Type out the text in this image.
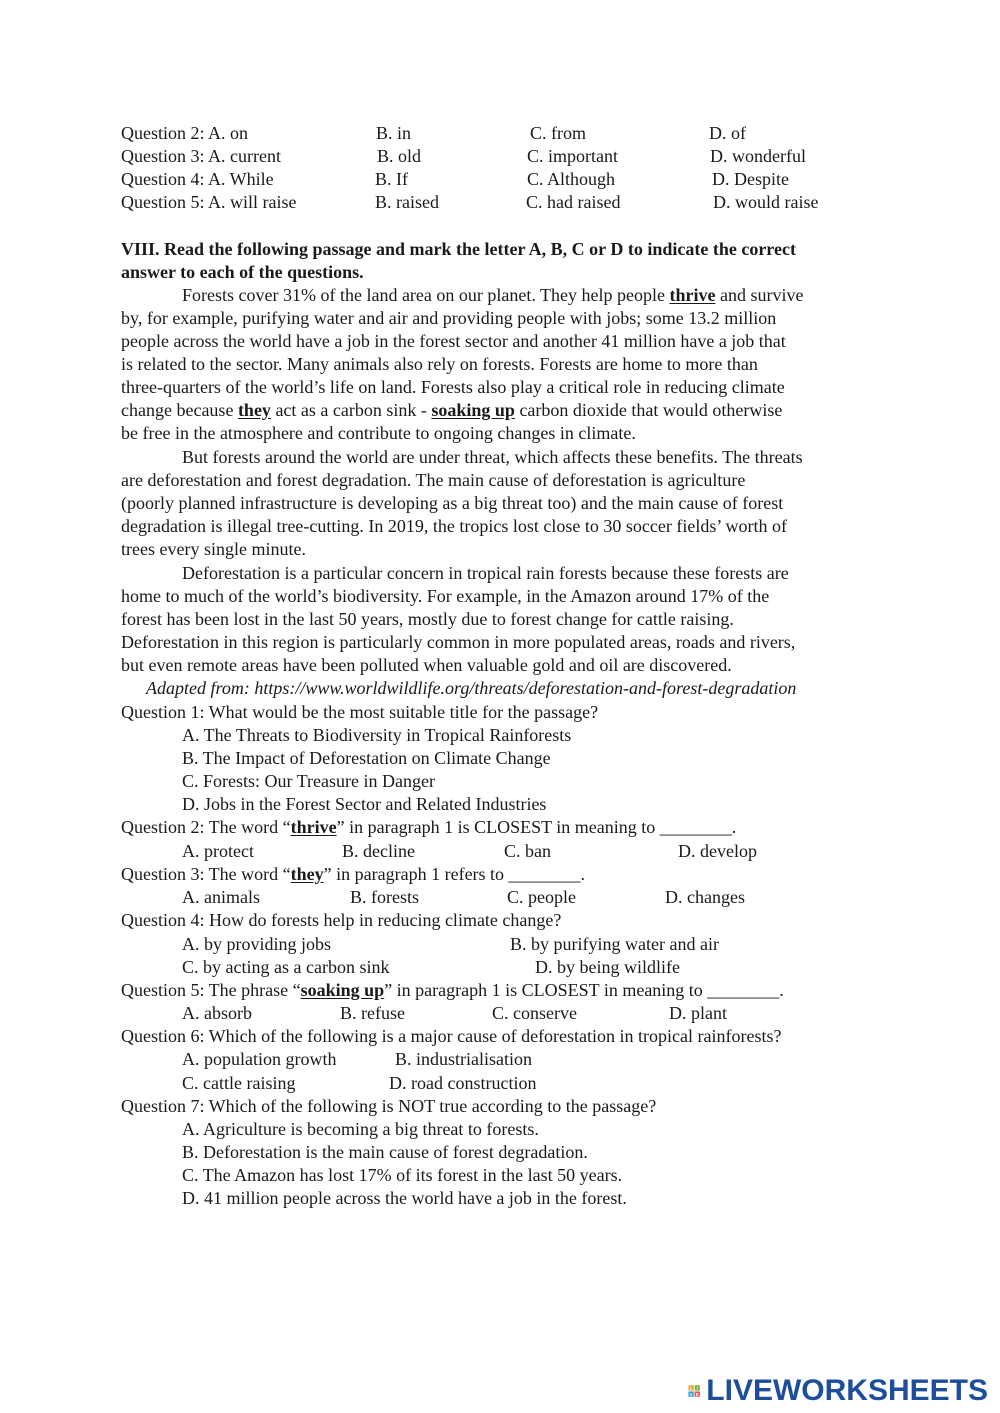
Question 2: A. on	B. in	C. from	D. of
Question 3: A. current	B. old	C. important	D. wonderful
Question 4: A. While	B. If	C. Although	D. Despite
Question 5: A. will raise	B. raised	C. had raised	D. would raise
VIII. Read the following passage and mark the letter A, B, C or D to indicate the correct
answer to each of the questions.
Forests cover 31% of the land area on our planet. They help people thrive and survive
by, for example, purifying water and air and providing people with jobs; some 13.2 million
people across the world have a job in the forest sector and another 41 million have a job that
is related to the sector. Many animals also rely on forests. Forests are home to more than
three-quarters of the world’s life on land. Forests also play a critical role in reducing climate
change because they act as a carbon sink - soaking up carbon dioxide that would otherwise
be free in the atmosphere and contribute to ongoing changes in climate.
But forests around the world are under threat, which affects these benefits. The threats
are deforestation and forest degradation. The main cause of deforestation is agriculture
(poorly planned infrastructure is developing as a big threat too) and the main cause of forest
degradation is illegal tree-cutting. In 2019, the tropics lost close to 30 soccer fields’ worth of
trees every single minute.
Deforestation is a particular concern in tropical rain forests because these forests are
home to much of the world’s biodiversity. For example, in the Amazon around 17% of the
forest has been lost in the last 50 years, mostly due to forest change for cattle raising.
Deforestation in this region is particularly common in more populated areas, roads and rivers,
but even remote areas have been polluted when valuable gold and oil are discovered.
Adapted from: https://www.worldwildlife.org/threats/deforestation-and-forest-degradation
Question 1: What would be the most suitable title for the passage?
A. The Threats to Biodiversity in Tropical Rainforests
B. The Impact of Deforestation on Climate Change
C. Forests: Our Treasure in Danger
D. Jobs in the Forest Sector and Related Industries
Question 2: The word “thrive” in paragraph 1 is CLOSEST in meaning to ________.
A. protect	B. decline	C. ban	D. develop
Question 3: The word “they” in paragraph 1 refers to ________.
A. animals	B. forests	C. people	D. changes
Question 4: How do forests help in reducing climate change?
A. by providing jobs	B. by purifying water and air
C. by acting as a carbon sink	D. by being wildlife
Question 5: The phrase “soaking up” in paragraph 1 is CLOSEST in meaning to ________.
A. absorb	B. refuse	C. conserve	D. plant
Question 6: Which of the following is a major cause of deforestation in tropical rainforests?
A. population growth	B. industrialisation
C. cattle raising	D. road construction
Question 7: Which of the following is NOT true according to the passage?
A. Agriculture is becoming a big threat to forests.
B. Deforestation is the main cause of forest degradation.
C. The Amazon has lost 17% of its forest in the last 50 years.
D. 41 million people across the world have a job in the forest.
L i
V E LIVEWORKSHEETS
